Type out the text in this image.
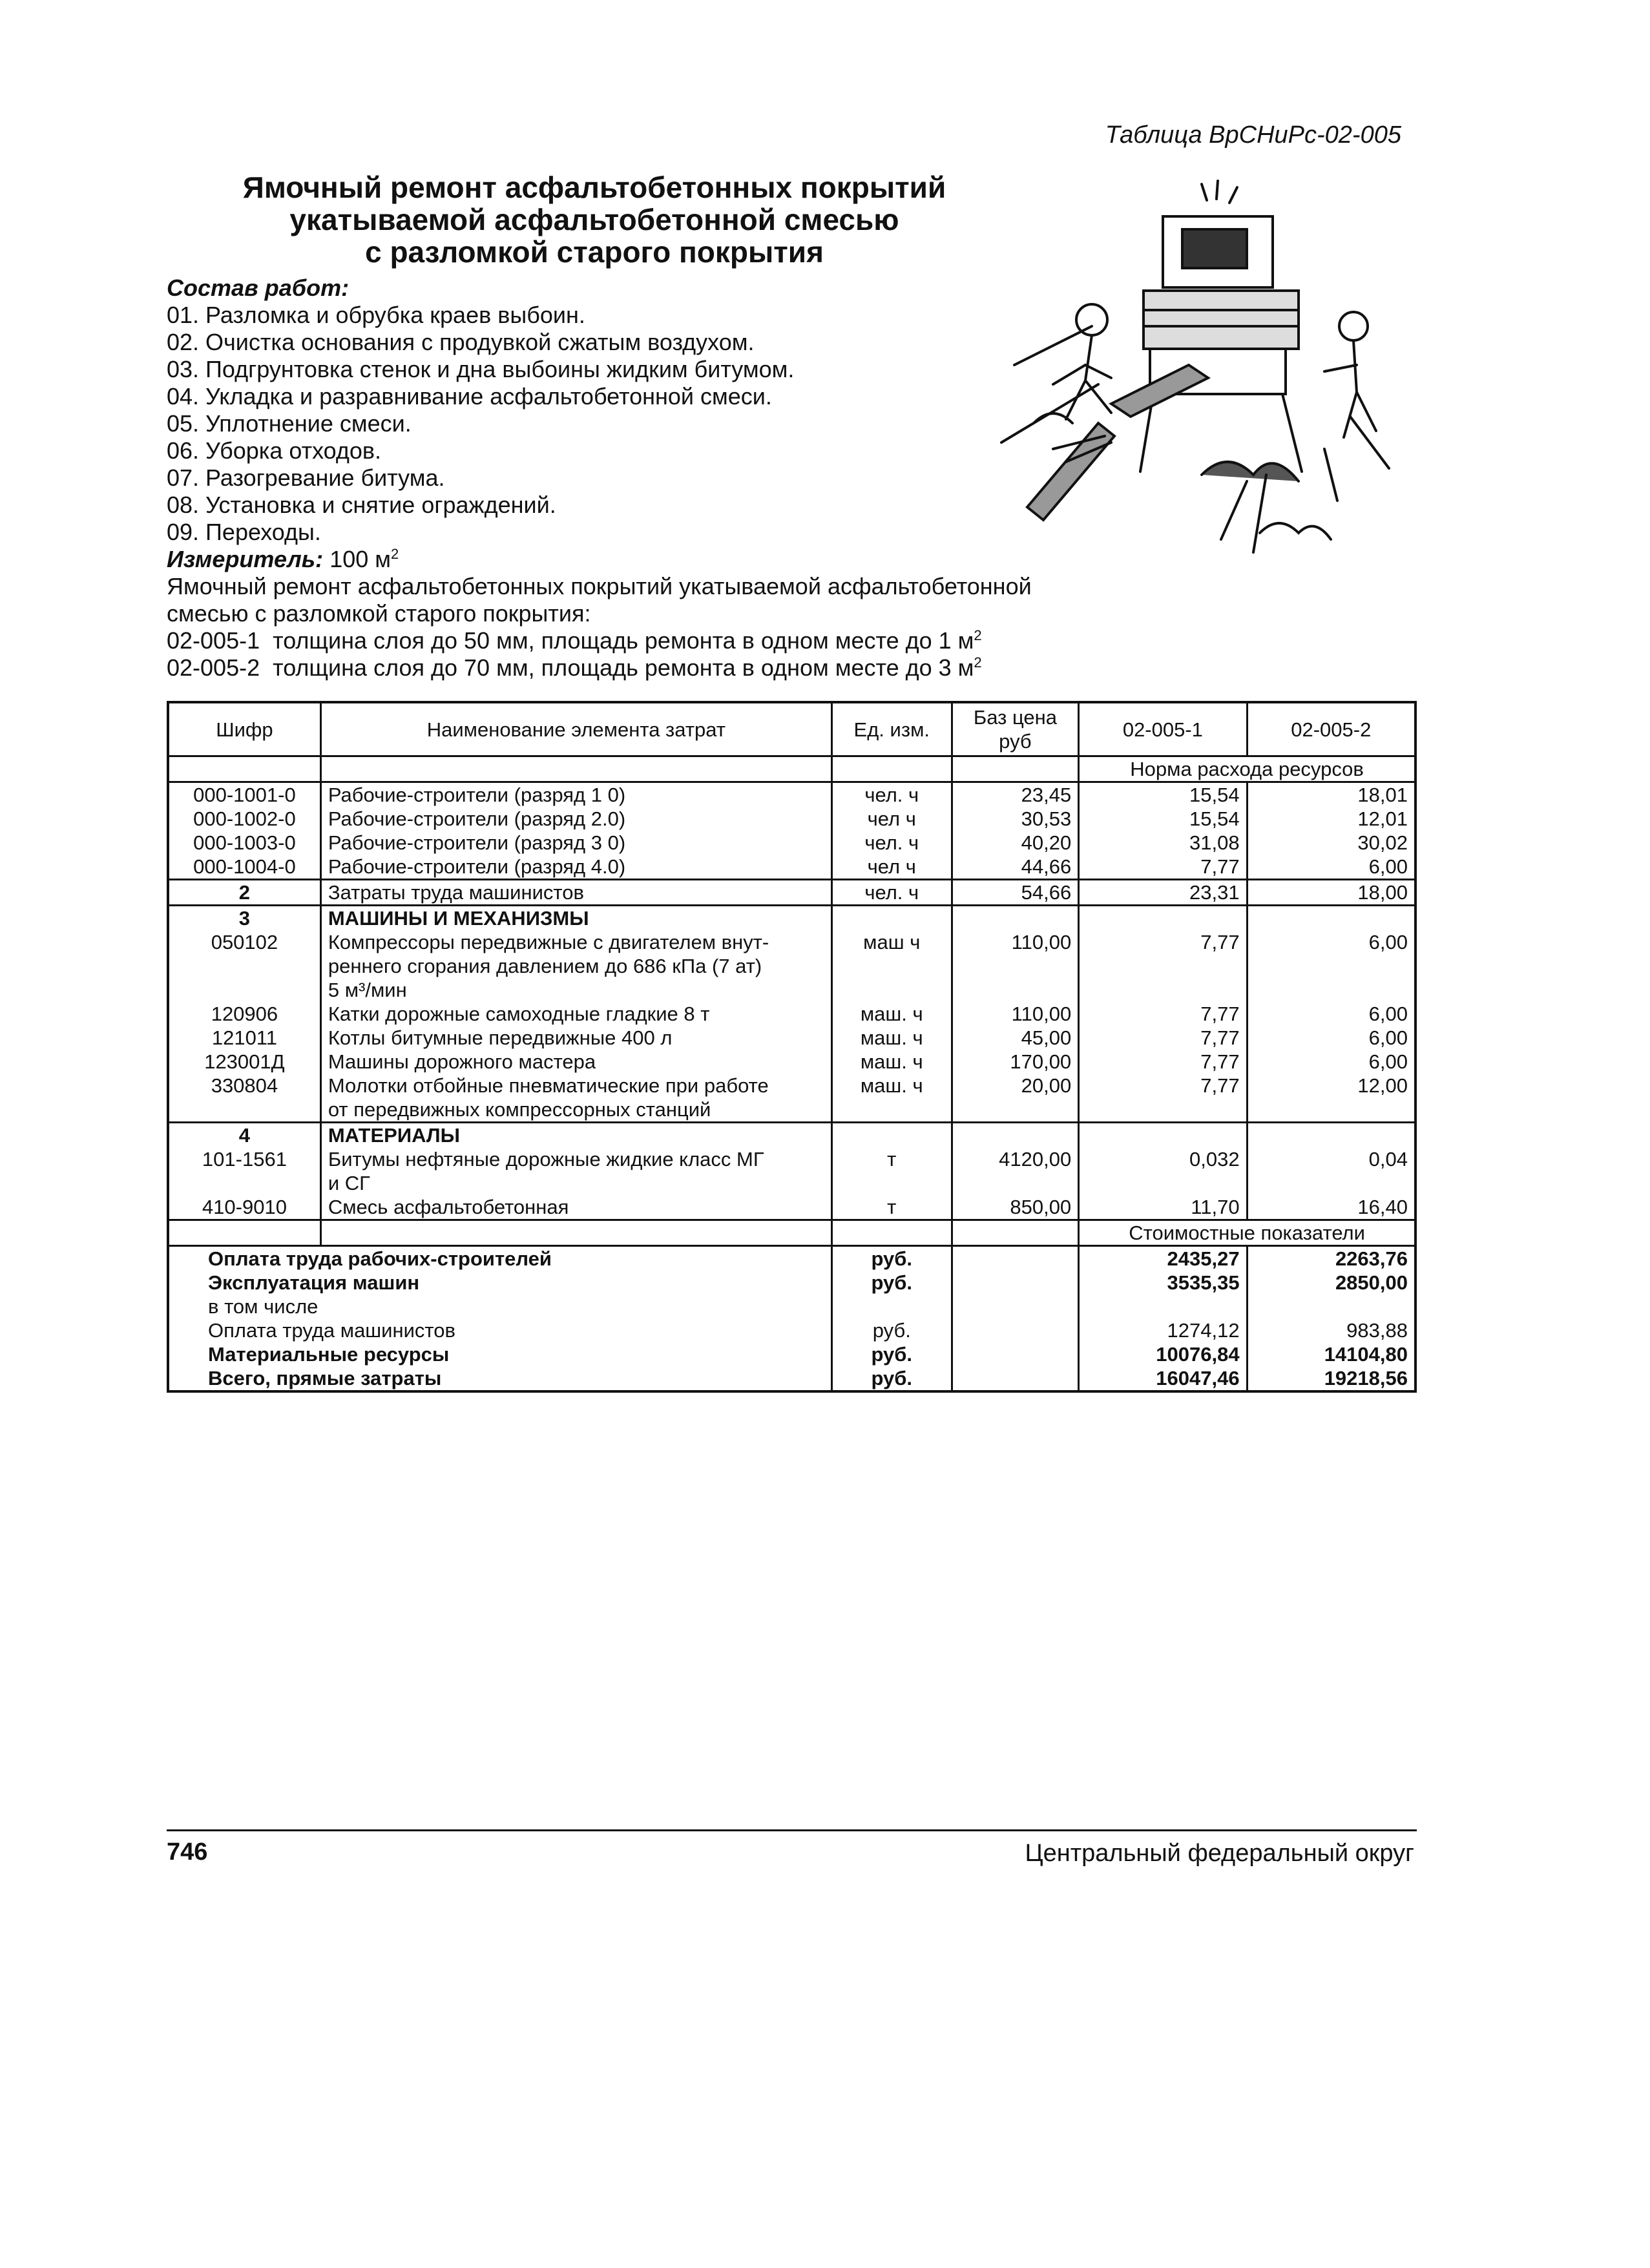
Таблица ВрСНиРс-02-005
Ямочный ремонт асфальтобетонных покрытий
укатываемой асфальтобетонной смесью
с разломкой старого покрытия
Состав работ:
01. Разломка и обрубка краев выбоин.
02. Очистка основания с продувкой сжатым воздухом.
03. Подгрунтовка стенок и дна выбоины жидким битумом.
04. Укладка и разравнивание асфальтобетонной смеси.
05. Уплотнение смеси.
06. Уборка отходов.
07. Разогревание битума.
08. Установка и снятие ограждений.
09. Переходы.
Измеритель: 100 $м^2$
Ямочный ремонт асфальтобетонных покрытий укатываемой асфальтобетонной
смесью с разломкой старого покрытия:
02-005-1  толщина слоя до 50 мм, площадь ремонта в одном месте до 1 $м^2$
02-005-2  толщина слоя до 70 мм, площадь ремонта в одном месте до 3 $м^2$
Шифр	Наименование элемента затрат	Ед. изм.	Баз цена руб	02-005-1	02-005-2
				Норма расхода ресурсов	
000-1001-0	Рабочие-строители (разряд 1 0)	чел. ч	23,45	15,54	18,01
000-1002-0	Рабочие-строители (разряд 2.0)	чел ч	30,53	15,54	12,01
000-1003-0	Рабочие-строители (разряд 3 0)	чел. ч	40,20	31,08	30,02
000-1004-0	Рабочие-строители (разряд 4.0)	чел ч	44,66	7,77	6,00
2	Затраты труда машинистов	чел. ч	54,66	23,31	18,00
3	МАШИНЫ И МЕХАНИЗМЫ				
050102	Компрессоры передвижные с двигателем внут-
реннего сгорания давлением до 686 кПа (7 ат)
5 м³/мин	маш ч	110,00	7,77	6,00
120906	Катки дорожные самоходные гладкие 8 т	маш. ч	110,00	7,77	6,00
121011	Котлы битумные передвижные 400 л	маш. ч	45,00	7,77	6,00
123001Д	Машины дорожного мастера	маш. ч	170,00	7,77	6,00
330804	Молотки отбойные пневматические при работе
от передвижных компрессорных станций	маш. ч	20,00	7,77	12,00
4	МАТЕРИАЛЫ				
101-1561	Битумы нефтяные дорожные жидкие класс МГ
и СГ	т	4120,00	0,032	0,04
410-9010	Смесь асфальтобетонная	т	850,00	11,70	16,40
				Стоимостные показатели	
Оплата труда рабочих-строителей		руб.		2435,27	2263,76
Эксплуатация машин		руб.		3535,35	2850,00
в том числе					
Оплата труда машинистов		руб.		1274,12	983,88
Материальные ресурсы		руб.		10076,84	14104,80
Всего, прямые затраты		руб.		16047,46	19218,56
746	Центральный федеральный округ
